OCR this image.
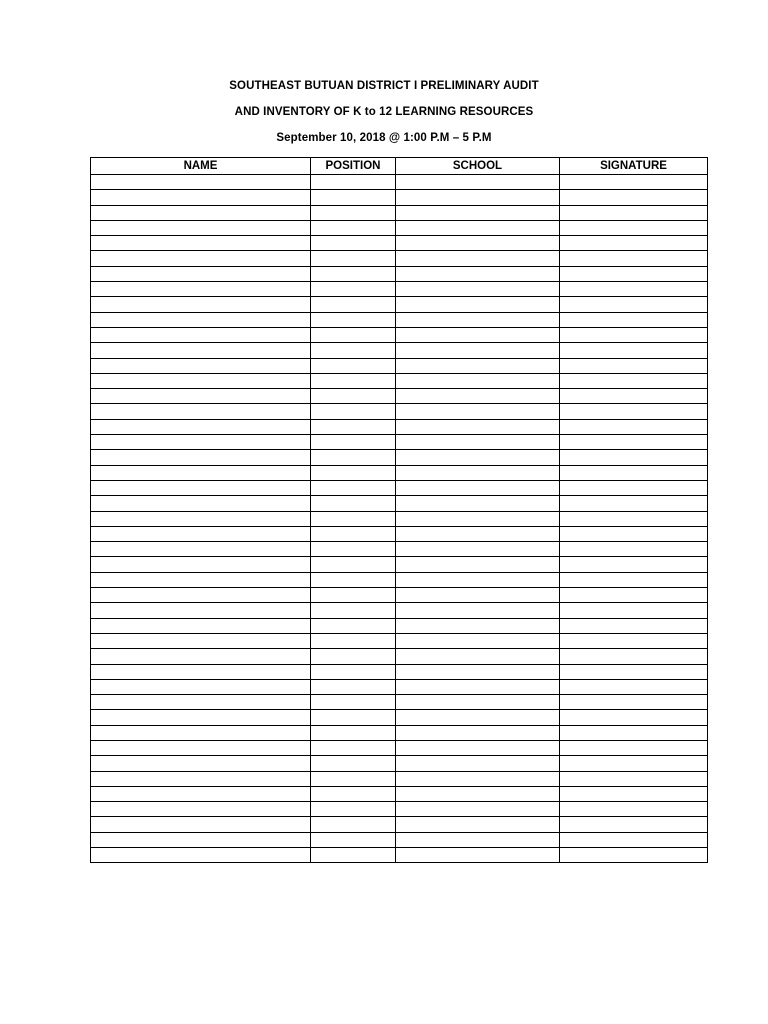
SOUTHEAST BUTUAN DISTRICT I PRELIMINARY AUDIT
AND INVENTORY OF K to 12 LEARNING RESOURCES
September 10, 2018 @ 1:00 P.M – 5 P.M
NAME	POSITION	SCHOOL	SIGNATURE
